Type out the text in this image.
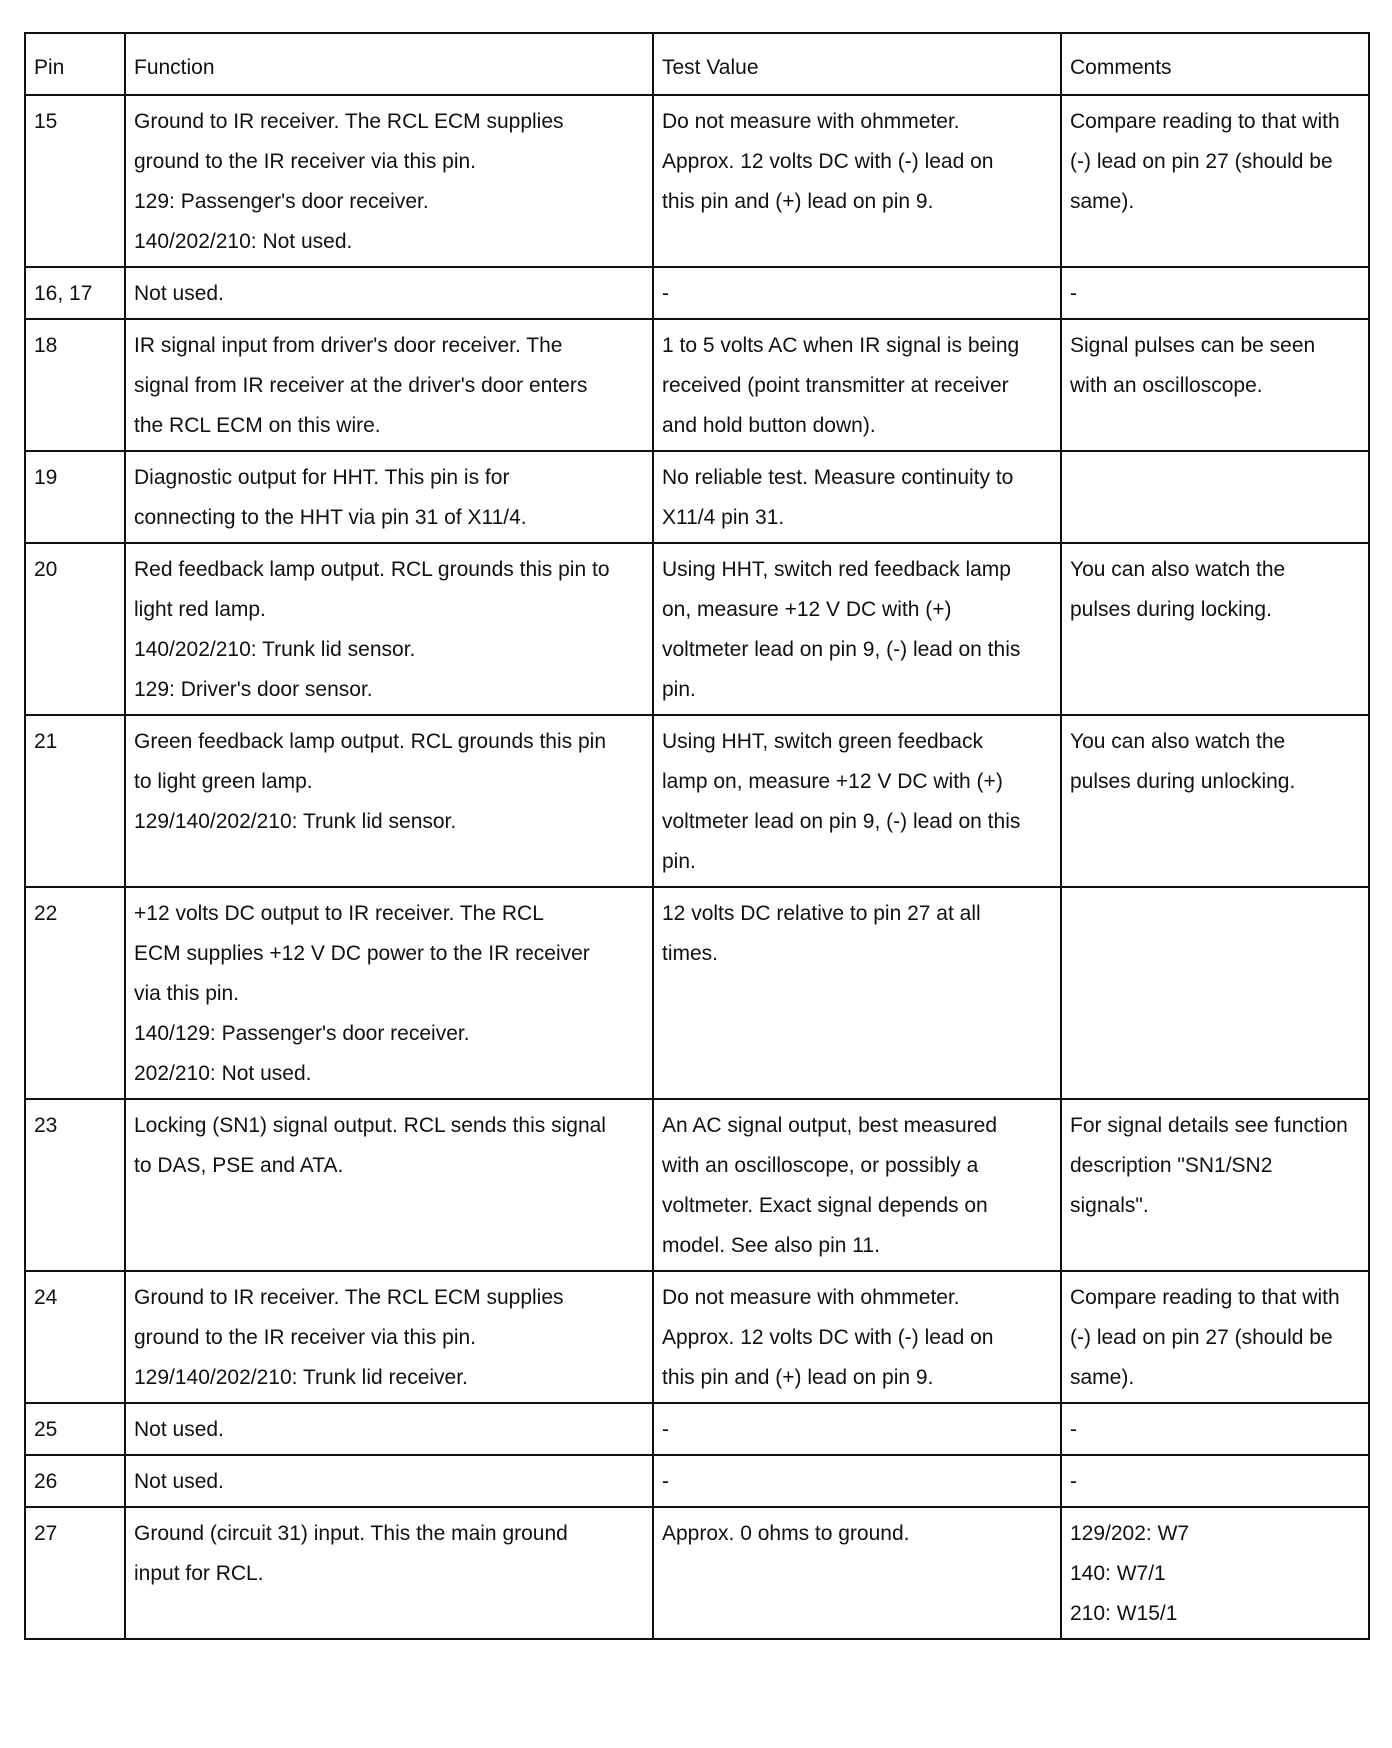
Pin	Function	Test Value	Comments

15	Ground to IR receiver. The RCL ECM supplies
ground to the IR receiver via this pin.
129: Passenger's door receiver.
140/202/210: Not used.	Do not measure with ohmmeter.
Approx. 12 volts DC with (-) lead on
this pin and (+) lead on pin 9.	Compare reading to that with
(-) lead on pin 27 (should be
same).

16, 17	Not used.	-	-

18	IR signal input from driver's door receiver. The
signal from IR receiver at the driver's door enters
the RCL ECM on this wire.	1 to 5 volts AC when IR signal is being
received (point transmitter at receiver
and hold button down).	Signal pulses can be seen
with an oscilloscope.

19	Diagnostic output for HHT. This pin is for
connecting to the HHT via pin 31 of X11/4.	No reliable test. Measure continuity to
X11/4 pin 31.	

20	Red feedback lamp output. RCL grounds this pin to
light red lamp.
140/202/210: Trunk lid sensor.
129: Driver's door sensor.	Using HHT, switch red feedback lamp
on, measure +12 V DC with (+)
voltmeter lead on pin 9, (-) lead on this
pin.	You can also watch the
pulses during locking.

21	Green feedback lamp output. RCL grounds this pin
to light green lamp.
129/140/202/210: Trunk lid sensor.	Using HHT, switch green feedback
lamp on, measure +12 V DC with (+)
voltmeter lead on pin 9, (-) lead on this
pin.	You can also watch the
pulses during unlocking.

22	+12 volts DC output to IR receiver. The RCL
ECM supplies +12 V DC power to the IR receiver
via this pin.
140/129: Passenger's door receiver.
202/210: Not used.	12 volts DC relative to pin 27 at all
times.	

23	Locking (SN1) signal output. RCL sends this signal
to DAS, PSE and ATA.	An AC signal output, best measured
with an oscilloscope, or possibly a
voltmeter. Exact signal depends on
model. See also pin 11.	For signal details see function
description "SN1/SN2
signals".

24	Ground to IR receiver. The RCL ECM supplies
ground to the IR receiver via this pin.
129/140/202/210: Trunk lid receiver.	Do not measure with ohmmeter.
Approx. 12 volts DC with (-) lead on
this pin and (+) lead on pin 9.	Compare reading to that with
(-) lead on pin 27 (should be
same).

25	Not used.	-	-

26	Not used.	-	-

27	Ground (circuit 31) input. This the main ground
input for RCL.	Approx. 0 ohms to ground.	129/202: W7
140: W7/1
210: W15/1
